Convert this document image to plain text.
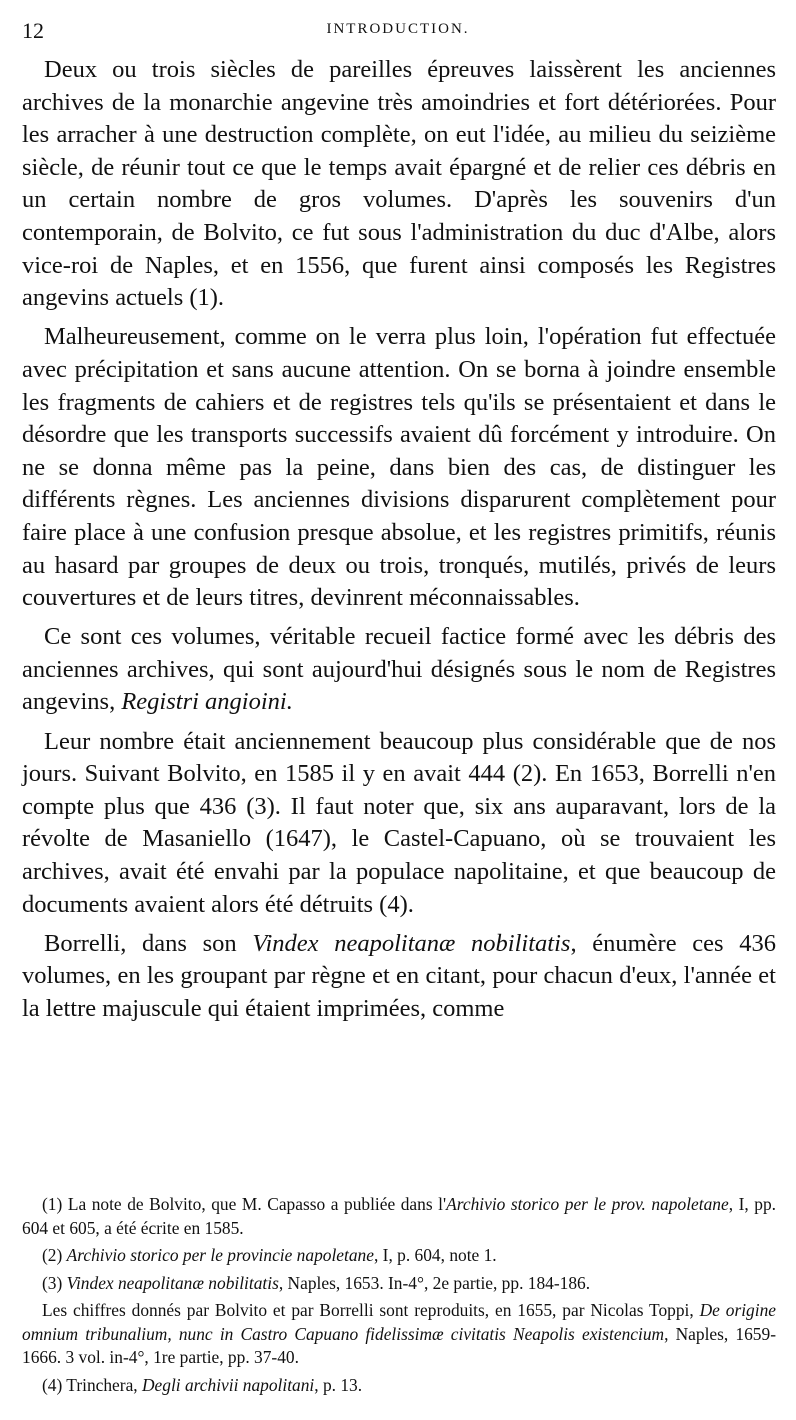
12	INTRODUCTION.

Deux ou trois siècles de pareilles épreuves laissèrent les anciennes archives de la monarchie angevine très amoindries et fort détériorées. Pour les arracher à une destruction complète, on eut l'idée, au milieu du seizième siècle, de réunir tout ce que le temps avait épargné et de relier ces débris en un certain nombre de gros volumes. D'après les souvenirs d'un contemporain, de Bolvito, ce fut sous l'administration du duc d'Albe, alors vice-roi de Naples, et en 1556, que furent ainsi composés les Registres angevins actuels (1).

Malheureusement, comme on le verra plus loin, l'opération fut effectuée avec précipitation et sans aucune attention. On se borna à joindre ensemble les fragments de cahiers et de registres tels qu'ils se présentaient et dans le désordre que les transports successifs avaient dû forcément y introduire. On ne se donna même pas la peine, dans bien des cas, de distinguer les différents règnes. Les anciennes divisions disparurent complètement pour faire place à une confusion presque absolue, et les registres primitifs, réunis au hasard par groupes de deux ou trois, tronqués, mutilés, privés de leurs couvertures et de leurs titres, devinrent méconnaissables.

Ce sont ces volumes, véritable recueil factice formé avec les débris des anciennes archives, qui sont aujourd'hui désignés sous le nom de Registres angevins, Registri angioini.

Leur nombre était anciennement beaucoup plus considérable que de nos jours. Suivant Bolvito, en 1585 il y en avait 444 (2). En 1653, Borrelli n'en compte plus que 436 (3). Il faut noter que, six ans auparavant, lors de la révolte de Masaniello (1647), le Castel-Capuano, où se trouvaient les archives, avait été envahi par la populace napolitaine, et que beaucoup de documents avaient alors été détruits (4).

Borrelli, dans son Vindex neapolitanæ nobilitatis, énumère ces 436 volumes, en les groupant par règne et en citant, pour chacun d'eux, l'année et la lettre majuscule qui étaient imprimées, comme

(1) La note de Bolvito, que M. Capasso a publiée dans l'Archivio storico per le prov. napoletane, I, pp. 604 et 605, a été écrite en 1585.

(2) Archivio storico per le provincie napoletane, I, p. 604, note 1.

(3) Vindex neapolitanæ nobilitatis, Naples, 1653. In-4°, 2e partie, pp. 184-186.

Les chiffres donnés par Bolvito et par Borrelli sont reproduits, en 1655, par Nicolas Toppi, De origine omnium tribunalium, nunc in Castro Capuano fidelissimæ civitatis Neapolis existencium, Naples, 1659-1666. 3 vol. in-4°, 1re partie, pp. 37-40.

(4) Trinchera, Degli archivii napolitani, p. 13.
